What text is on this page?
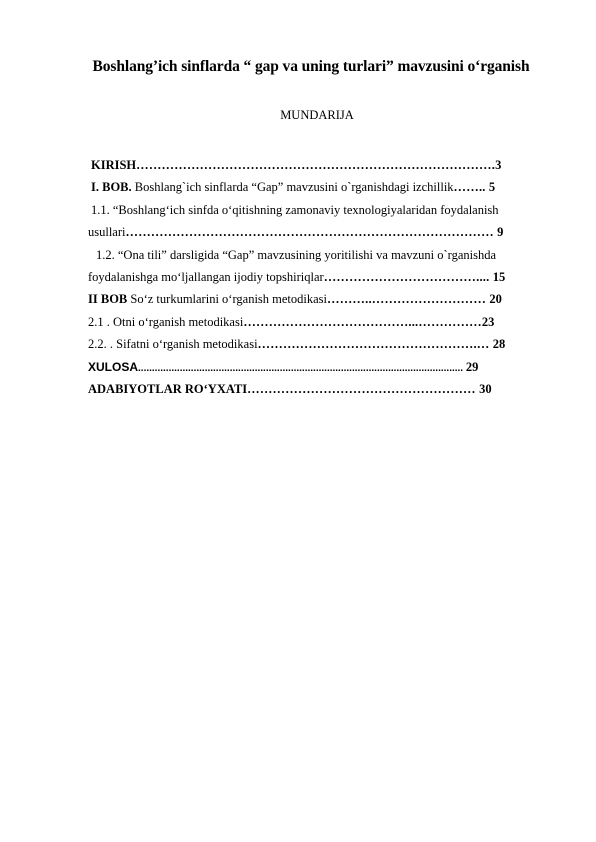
Boshlang’ich sinflarda “ gap va uning turlari” mavzusini o‘rganish
MUNDARIJA
KIRISH………………………………………………………………………….3
I. BOB. Boshlang`ich sinflarda “Gap” mavzusini o`rganishdagi izchillik…….. 5
1.1. “Boshlang‘ich sinfda o‘qitishning zamonaviy texnologiyalaridan foydalanish
usullari…………………………………………………………………………… 9
1.2. “Ona tili” darsligida “Gap” mavzusining yoritilishi va mavzuni o`rganishda
foydalanishga mo‘ljallangan ijodiy topshiriqlar……………………………….... 15
II BOB So‘z turkumlarini o‘rganish metodikasi………..……………………… 20
2.1 . Otni o‘rganish metodikasi…………………………………...……………23
2.2. . Sifatni o‘rganish metodikasi…………………………………………….… 28
XULOSA..................................................................................................................... 29
ADABIYOTLAR RO‘YXATI……………………………………………… 30
